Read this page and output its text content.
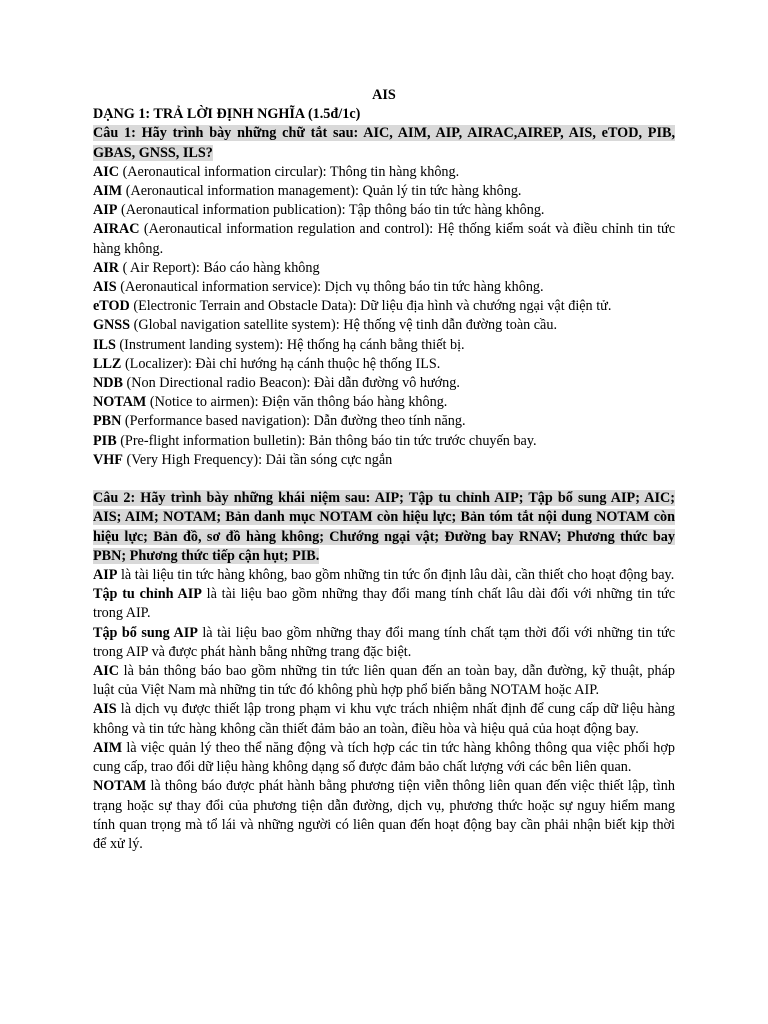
AIS

DẠNG 1: TRẢ LỜI ĐỊNH NGHĨA (1.5đ/1c)

Câu 1: Hãy trình bày những chữ tắt sau: AIC, AIM, AIP, AIRAC,AIREP, AIS, eTOD, PIB, GBAS, GNSS, ILS?

AIC (Aeronautical information circular): Thông tin hàng không.

AIM (Aeronautical information management): Quản lý tin tức hàng không.

AIP (Aeronautical information publication): Tập thông báo tin tức hàng không.

AIRAC (Aeronautical information regulation and control): Hệ thống kiểm soát và điều chỉnh tin tức hàng không.

AIR ( Air Report): Báo cáo hàng không

AIS (Aeronautical information service): Dịch vụ thông báo tin tức hàng không.

eTOD (Electronic Terrain and Obstacle Data): Dữ liệu địa hình và chướng ngại vật điện tử.

GNSS (Global navigation satellite system): Hệ thống vệ tinh dẫn đường toàn cầu.

ILS (Instrument landing system): Hệ thống hạ cánh bằng thiết bị.

LLZ (Localizer): Đài chỉ hướng hạ cánh thuộc hệ thống ILS.

NDB (Non Directional radio Beacon): Đài dẫn đường vô hướng.

NOTAM (Notice to airmen): Điện văn thông báo hàng không.

PBN (Performance based navigation): Dẫn đường theo tính năng.

PIB (Pre-flight information bulletin): Bản thông báo tin tức trước chuyến bay.

VHF (Very High Frequency): Dải tần sóng cực ngắn

Câu 2: Hãy trình bày những khái niệm sau: AIP; Tập tu chỉnh AIP; Tập bổ sung AIP; AIC; AIS; AIM; NOTAM; Bản danh mục NOTAM còn hiệu lực; Bản tóm tắt nội dung NOTAM còn hiệu lực; Bản đồ, sơ đồ hàng không; Chướng ngại vật; Đường bay RNAV; Phương thức bay PBN; Phương thức tiếp cận hụt; PIB.

AIP là tài liệu tin tức hàng không, bao gồm những tin tức ổn định lâu dài, cần thiết cho hoạt động bay.

Tập tu chỉnh AIP là tài liệu bao gồm những thay đổi mang tính chất lâu dài đối với những tin tức trong AIP.

Tập bổ sung AIP là tài liệu bao gồm những thay đổi mang tính chất tạm thời đối với những tin tức trong AIP và được phát hành bằng những trang đặc biệt.

AIC là bản thông báo bao gồm những tin tức liên quan đến an toàn bay, dẫn đường, kỹ thuật, pháp luật của Việt Nam mà những tin tức đó không phù hợp phổ biến bằng NOTAM hoặc AIP.

AIS là dịch vụ được thiết lập trong phạm vi khu vực trách nhiệm nhất định để cung cấp dữ liệu hàng không và tin tức hàng không cần thiết đảm bảo an toàn, điều hòa và hiệu quả của hoạt động bay.

AIM là việc quản lý theo thể năng động và tích hợp các tin tức hàng không thông qua việc phối hợp cung cấp, trao đổi dữ liệu hàng không dạng số được đảm bảo chất lượng với các bên liên quan.

NOTAM là thông báo được phát hành bằng phương tiện viễn thông liên quan đến việc thiết lập, tình trạng hoặc sự thay đổi của phương tiện dẫn đường, dịch vụ, phương thức hoặc sự nguy hiểm mang tính quan trọng mà tổ lái và những người có liên quan đến hoạt động bay cần phải nhận biết kịp thời để xử lý.
